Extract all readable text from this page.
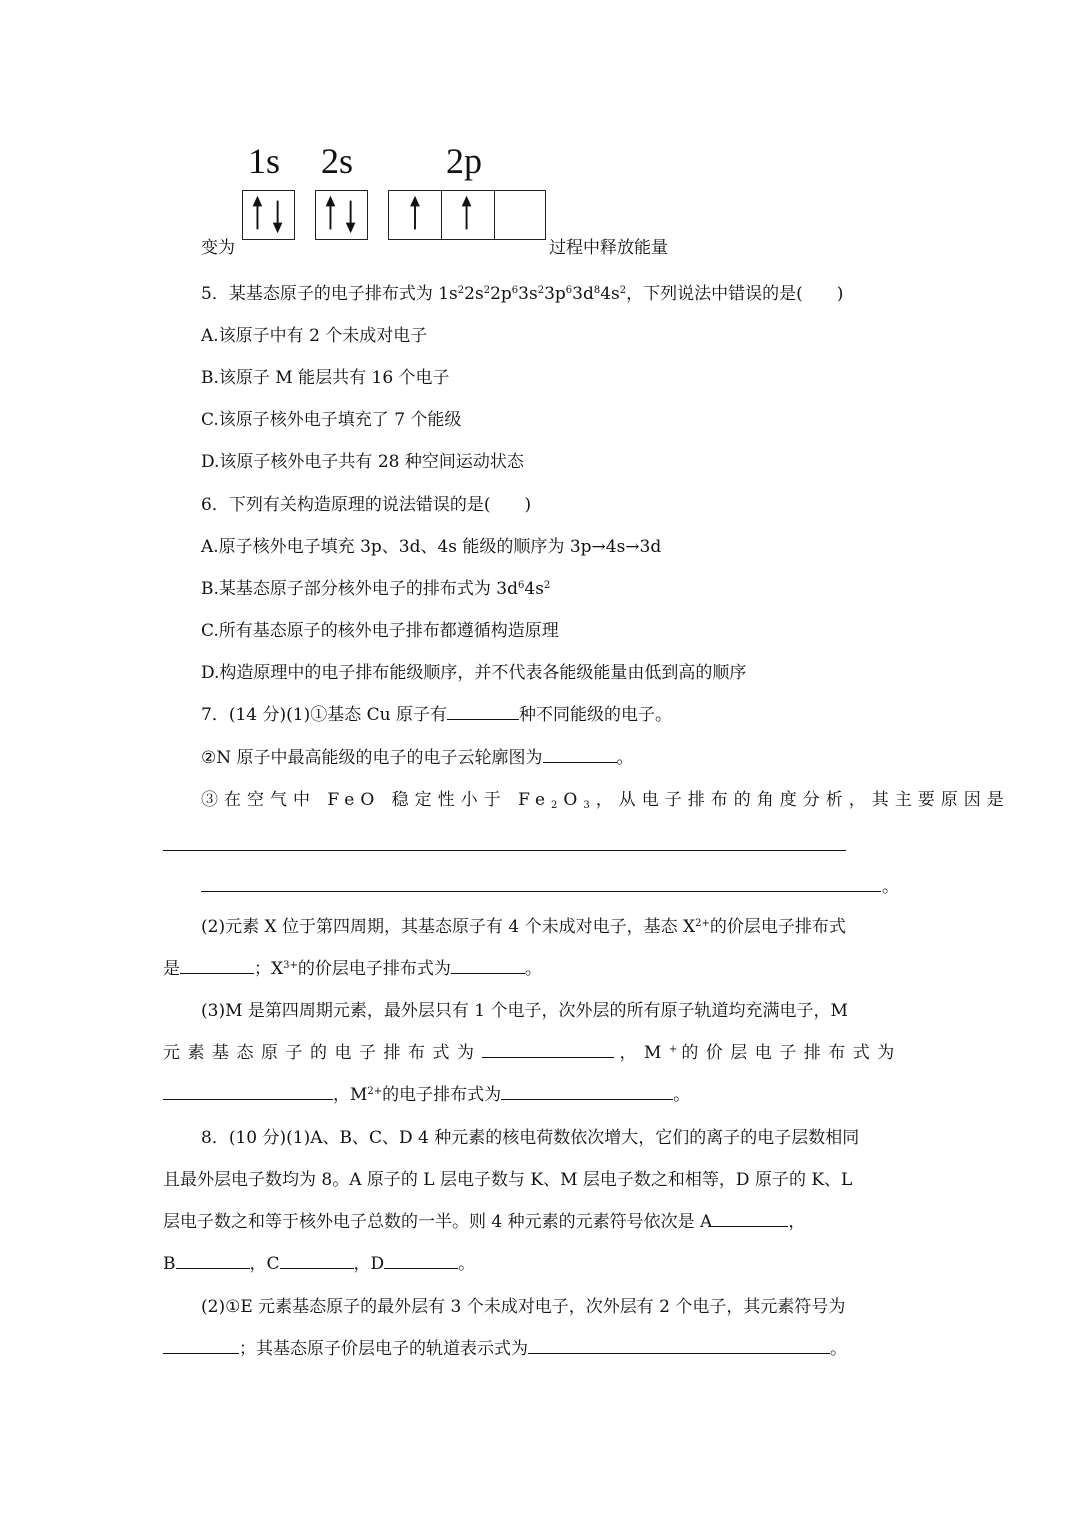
1s 2s	2p
变为	过程中释放能量
5．某基态原子的电子排布式为 $1s^22s^22p^63s^23p^63d^84s^2$，下列说法中错误的是(　　)
A.该原子中有 2 个未成对电子
B.该原子 M 能层共有 16 个电子
C.该原子核外电子填充了 7 个能级
D.该原子核外电子共有 28 种空间运动状态
6．下列有关构造原理的说法错误的是(　　)
A.原子核外电子填充 3p、3d、4s 能级的顺序为 3p→4s→3d
B.某基态原子部分核外电子的排布式为 $3d^64s^2$
C.所有基态原子的核外电子排布都遵循构造原理
D.构造原理中的电子排布能级顺序，并不代表各能级能量由低到高的顺序
7．(14 分)(1)①基态 Cu 原子有	种不同能级的电子。
②N 原子中最高能级的电子的电子云轮廓图为	。
③在空气中 FeO 稳定性小于 $Fe_2O_3$，从电子排布的角度分析，其主要原因是
。
(2)元素 X 位于第四周期，其基态原子有 4 个未成对电子，基态 $X^{2+}$的价层电子排布式
是	；$X^{3+}$的价层电子排布式为	。
(3)M 是第四周期元素，最外层只有 1 个电子，次外层的所有原子轨道均充满电子，M
元素基态原子的电子排布式为	，M+ 的价层电子排布式为
，$M^{2+}$的电子排布式为	。
8．(10 分)(1)A、B、C、D 4 种元素的核电荷数依次增大，它们的离子的电子层数相同
且最外层电子数均为 8。A 原子的 L 层电子数与 K、M 层电子数之和相等，D 原子的 K、L
层电子数之和等于核外电子总数的一半。则 4 种元素的元素符号依次是 A	，
B	，C	，D	。
(2)①E 元素基态原子的最外层有 3 个未成对电子，次外层有 2 个电子，其元素符号为
；其基态原子价层电子的轨道表示式为	。
